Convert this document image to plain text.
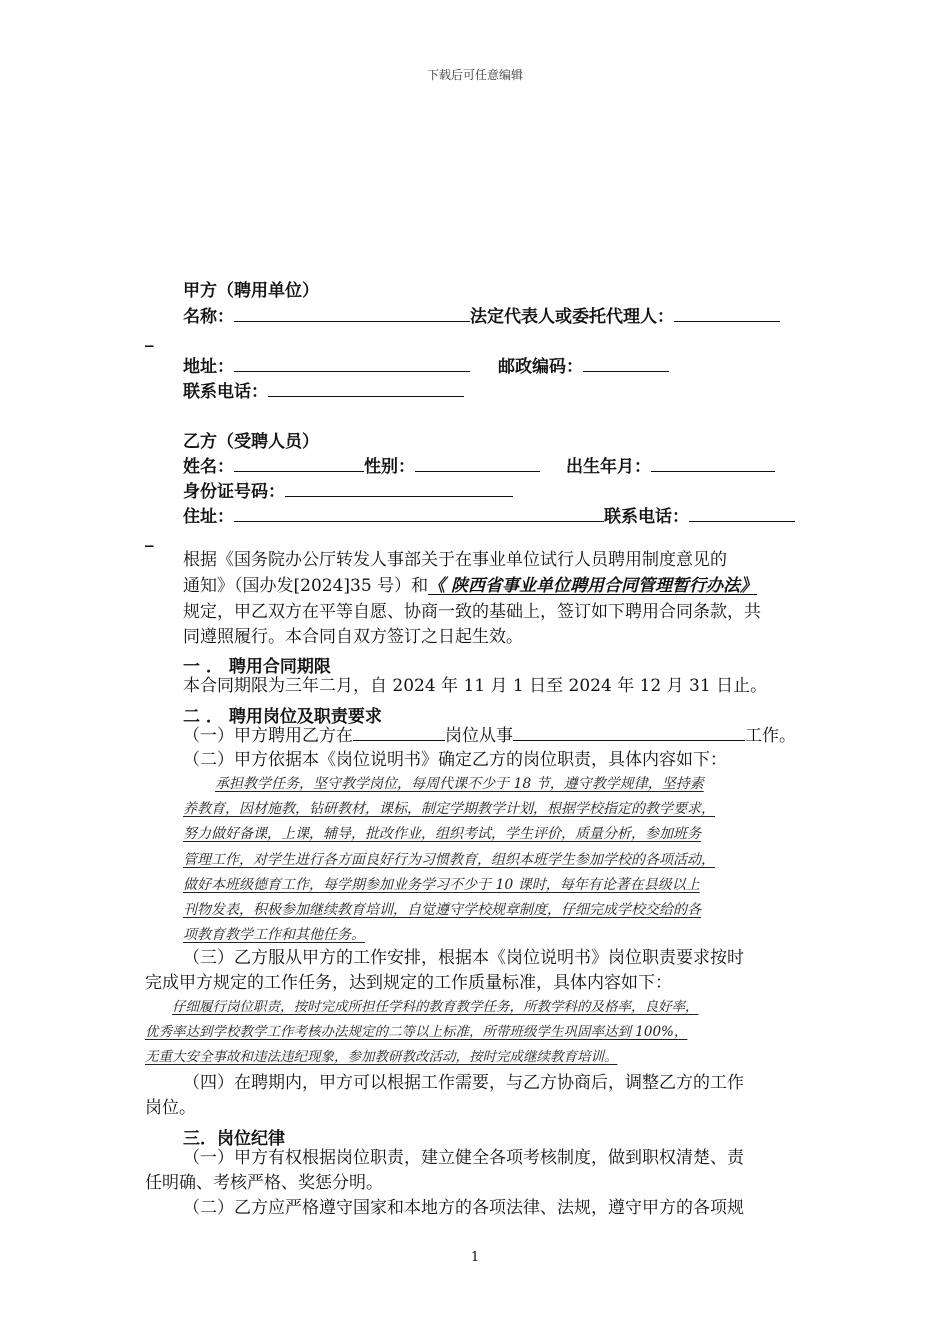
下载后可任意编辑
甲方（聘用单位）
名称：	法定代表人或委托代理人：
_
地址：	邮政编码：
联系电话：
乙方（受聘人员）
姓名：	性别：	出生年月：
身份证号码：
住址：	联系电话：
_
根据《国务院办公厅转发人事部关于在事业单位试行人员聘用制度意见的
通知》（国办发[2024]35 号）和《 陕西省事业单位聘用合同管理暂行办法》
规定，甲乙双方在平等自愿、协商一致的基础上，签订如下聘用合同条款，共
同遵照履行。本合同自双方签订之日起生效。
一 ． 聘用合同期限
本合同期限为三年二月，自 2024 年 11 月 1 日至 2024 年 12 月 31 日止。
二 ． 聘用岗位及职责要求
（一）甲方聘用乙方在	岗位从事	工作。
（二）甲方依据本《岗位说明书》确定乙方的岗位职责，具体内容如下：
承担教学任务，坚守教学岗位，每周代课不少于 18 节，遵守教学规律，坚持素
养教育，因材施教，钻研教材，课标，制定学期教学计划，根据学校指定的教学要求，
努力做好备课，上课，辅导，批改作业，组织考试，学生评价，质量分析，参加班务
管理工作，对学生进行各方面良好行为习惯教育，组织本班学生参加学校的各项活动，
做好本班级德育工作，每学期参加业务学习不少于 10 课时，每年有论著在县级以上
刊物发表，积极参加继续教育培训，自觉遵守学校规章制度，仔细完成学校交给的各
项教育教学工作和其他任务。
（三）乙方服从甲方的工作安排，根据本《岗位说明书》岗位职责要求按时
完成甲方规定的工作任务，达到规定的工作质量标准，具体内容如下：
仔细履行岗位职责，按时完成所担任学科的教育教学任务，所教学科的及格率，良好率，
优秀率达到学校教学工作考核办法规定的二等以上标准，所带班级学生巩固率达到 100%，
无重大安全事故和违法违纪现象，参加教研教改活动，按时完成继续教育培训。
（四）在聘期内，甲方可以根据工作需要，与乙方协商后，调整乙方的工作
岗位。
三．岗位纪律
（一）甲方有权根据岗位职责，建立健全各项考核制度，做到职权清楚、责
任明确、考核严格、奖惩分明。
（二）乙方应严格遵守国家和本地方的各项法律、法规，遵守甲方的各项规
1
